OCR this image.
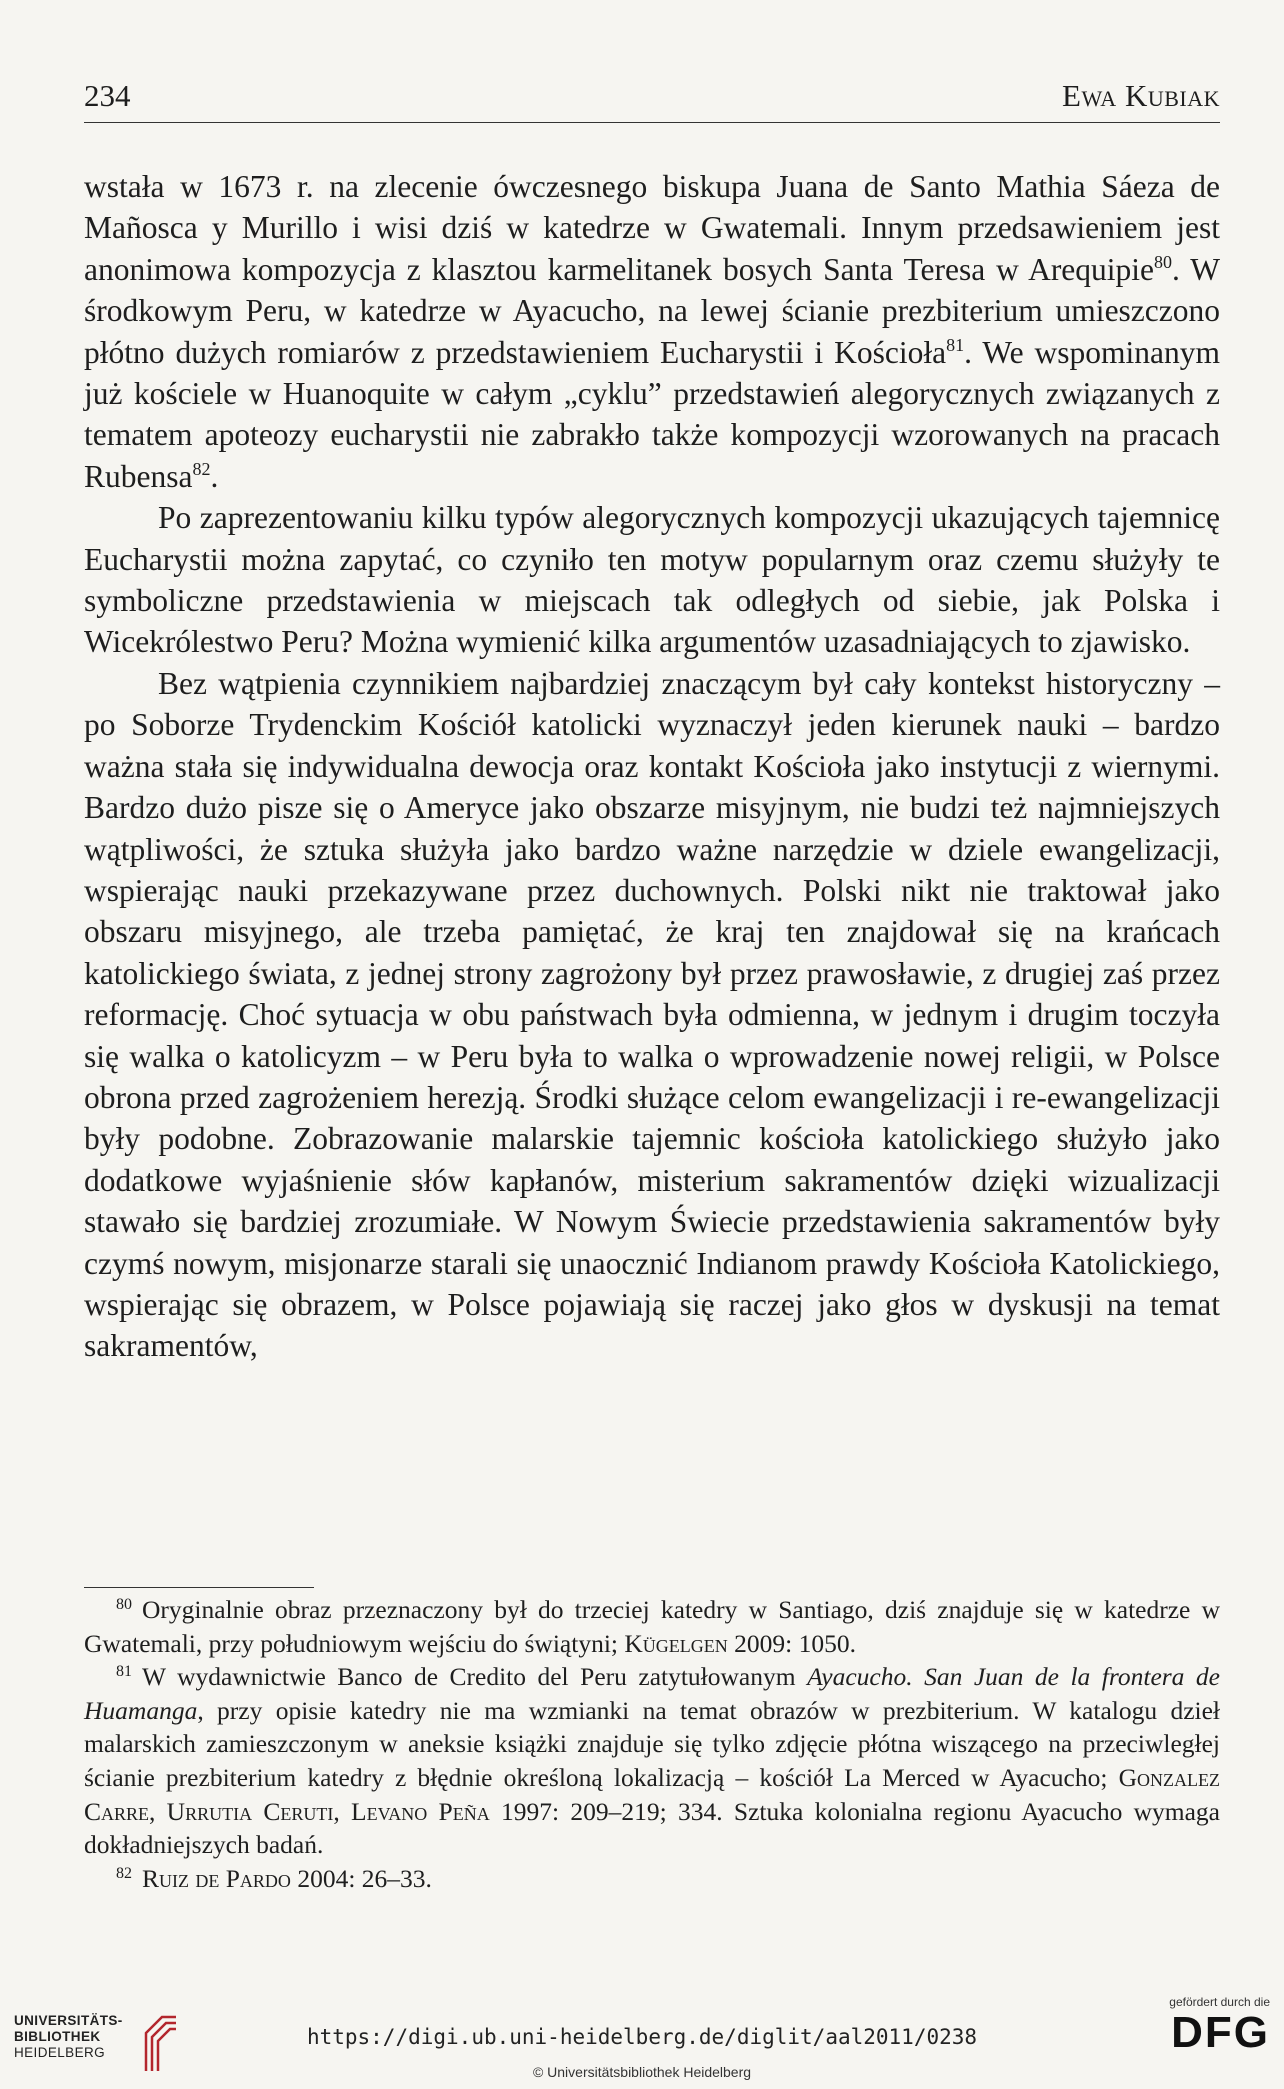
234	Ewa Kubiak

wstała w 1673 r. na zlecenie ówczesnego biskupa Juana de Santo Mathia Sáeza de Mañosca y Murillo i wisi dziś w katedrze w Gwatemali. Innym przedsawieniem jest anonimowa kompozycja z klasztou karmelitanek bosych Santa Teresa w Arequipie$^{80}$. W środkowym Peru, w katedrze w Ayacucho, na lewej ścianie prezbiterium umieszczono płótno dużych romiarów z przedstawieniem Eucharystii i Kościoła$^{81}$. We wspominanym już kościele w Huanoquite w całym „cyklu” przedstawień alegorycznych związanych z tematem apoteozy eucharystii nie zabrakło także kompozycji wzorowanych na pracach Rubensa$^{82}$.

Po zaprezentowaniu kilku typów alegorycznych kompozycji ukazujących tajemnicę Eucharystii można zapytać, co czyniło ten motyw popularnym oraz czemu służyły te symboliczne przedstawienia w miejscach tak odległych od siebie, jak Polska i Wicekrólestwo Peru? Można wymienić kilka argumentów uzasadniających to zjawisko.

Bez wątpienia czynnikiem najbardziej znaczącym był cały kontekst historyczny – po Soborze Trydenckim Kościół katolicki wyznaczył jeden kierunek nauki – bardzo ważna stała się indywidualna dewocja oraz kontakt Kościoła jako instytucji z wiernymi. Bardzo dużo pisze się o Ameryce jako obszarze misyjnym, nie budzi też najmniejszych wątpliwości, że sztuka służyła jako bardzo ważne narzędzie w dziele ewangelizacji, wspierając nauki przekazywane przez duchownych. Polski nikt nie traktował jako obszaru misyjnego, ale trzeba pamiętać, że kraj ten znajdował się na krańcach katolickiego świata, z jednej strony zagrożony był przez prawosławie, z drugiej zaś przez reformację. Choć sytuacja w obu państwach była odmienna, w jednym i drugim toczyła się walka o katolicyzm – w Peru była to walka o wprowadzenie nowej religii, w Polsce obrona przed zagrożeniem herezją. Środki służące celom ewangelizacji i re-ewangelizacji były podobne. Zobrazowanie malarskie tajemnic kościoła katolickiego służyło jako dodatkowe wyjaśnienie słów kapłanów, misterium sakramentów dzięki wizualizacji stawało się bardziej zrozumiałe. W Nowym Świecie przedstawienia sakramentów były czymś nowym, misjonarze starali się unaocznić Indianom prawdy Kościoła Katolickiego, wspierając się obrazem, w Polsce pojawiają się raczej jako głos w dyskusji na temat sakramentów,

$^{80}$ Oryginalnie obraz przeznaczony był do trzeciej katedry w Santiago, dziś znajduje się w katedrze w Gwatemali, przy południowym wejściu do świątyni; Kügelgen 2009: 1050.

$^{81}$ W wydawnictwie Banco de Credito del Peru zatytułowanym Ayacucho. San Juan de la frontera de Huamanga, przy opisie katedry nie ma wzmianki na temat obrazów w prezbiterium. W katalogu dzieł malarskich zamieszczonym w aneksie książki znajduje się tylko zdjęcie płótna wiszącego na przeciwległej ścianie prezbiterium katedry z błędnie określoną lokalizacją – kościół La Merced w Ayacucho; Gonzalez Carre, Urrutia Ceruti, Levano Peña 1997: 209–219; 334. Sztuka kolonialna regionu Ayacucho wymaga dokładniejszych badań.

$^{82}$ Ruiz de Pardo 2004: 26–33.

UNIVERSITÄTS-
BIBLIOTHEK
HEIDELBERG
https://digi.ub.uni-heidelberg.de/diglit/aal2011/0238
© Universitätsbibliothek Heidelberg
gefördert durch die
DFG
